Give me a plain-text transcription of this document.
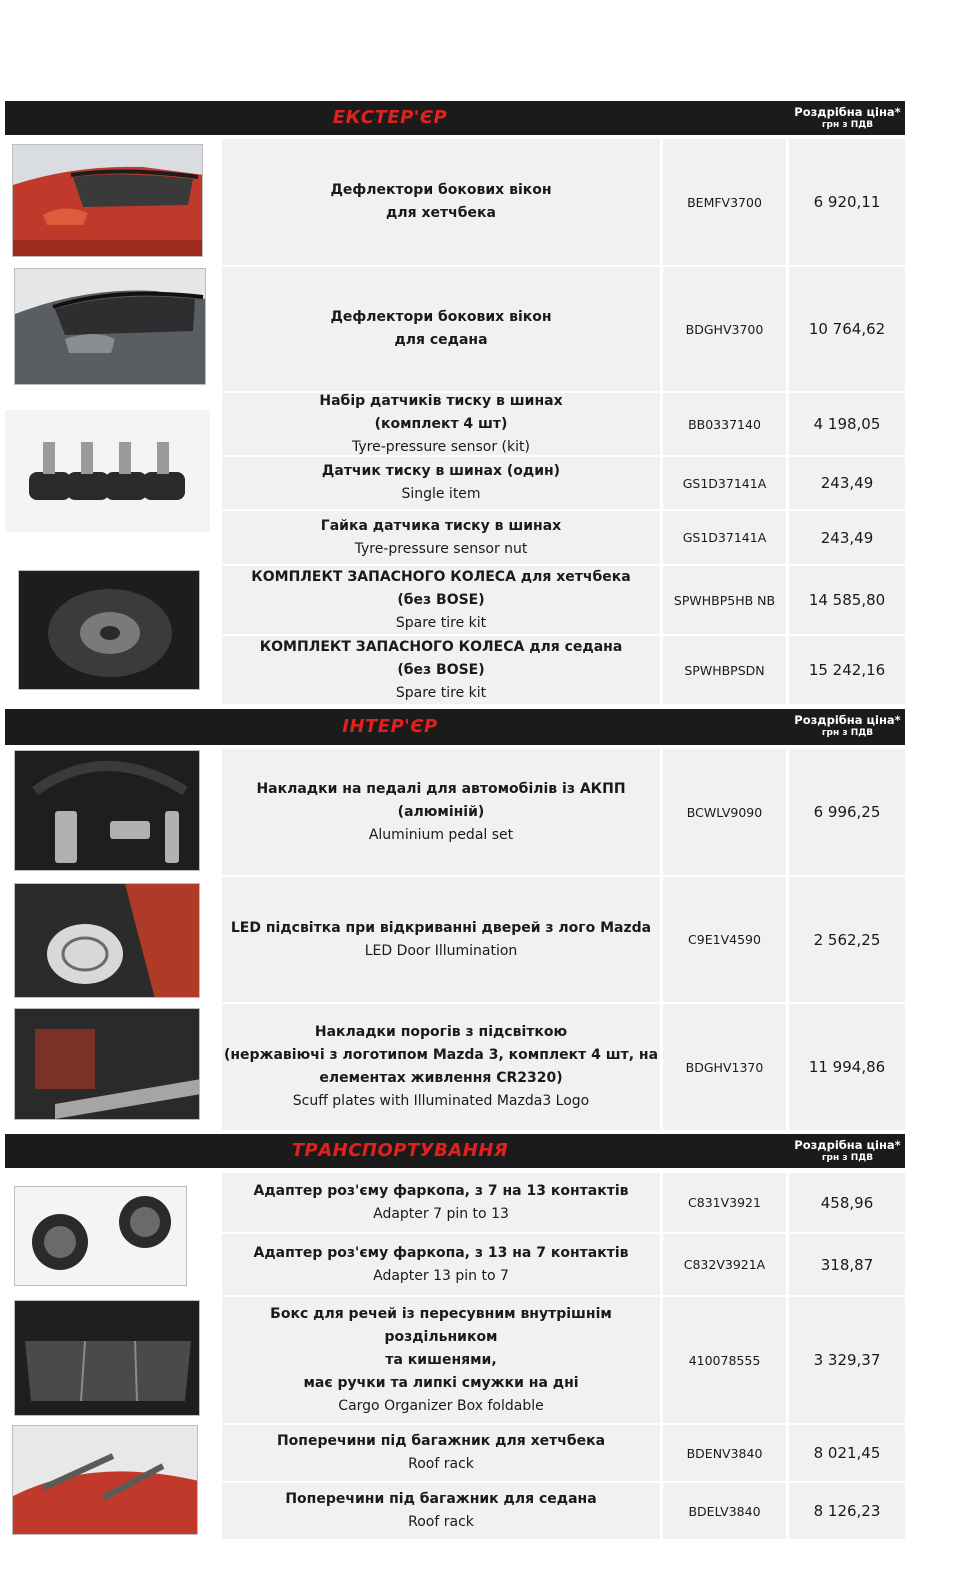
ЕКСТЕР'ЄР	Роздрібна ціна*
грн з ПДВ
ІНТЕР'ЄР	Роздрібна ціна*
грн з ПДВ
ТРАНСПОРТУВАННЯ	Роздрібна ціна*
грн з ПДВ
Дефлектори бокових вікон
для хетчбека
BEMFV3700	6 920,11
Дефлектори бокових вікон
для седана
BDGHV3700	10 764,62
Набір датчиків тиску в шинах
(комплект 4 шт)
Tyre-pressure sensor (kit)
BB0337140	4 198,05
Датчик тиску в шинах (один)
Single item
GS1D37141A	243,49
Гайка датчика тиску в шинах
Tyre-pressure sensor nut
GS1D37141A	243,49
КОМПЛЕКТ ЗАПАСНОГО КОЛЕСА для хетчбека
(без BOSE)
Spare tire kit
SPWHBP5HB NB	14 585,80
КОМПЛЕКТ ЗАПАСНОГО КОЛЕСА для седана
(без BOSE)
Spare tire kit
SPWHBPSDN	15 242,16
Накладки на педалі для автомобілів із АКПП (алюміній)
Aluminium pedal set
BCWLV9090	6 996,25
LED підсвітка при відкриванні дверей з лого Mazda
LED Door Illumination
C9E1V4590	2 562,25
Накладки порогів з підсвіткою
(нержавіючі з логотипом Mazda 3, комплект 4 шт, на
елементах живлення CR2320)
Scuff plates with Illuminated Mazda3 Logo
BDGHV1370	11 994,86
Адаптер роз'єму фаркопа, з 7 на 13 контактів
Adapter 7 pin to 13
C831V3921	458,96
Адаптер роз'єму фаркопа, з 13 на 7 контактів
Adapter 13 pin to 7
C832V3921A	318,87
Бокс для речей із пересувним внутрішнім роздільником
та кишенями,
має ручки та липкі смужки на дні
Cargo Organizer Box foldable
410078555	3 329,37
Поперечини під багажник для хетчбека
Roof rack
BDENV3840	8 021,45
Поперечини під багажник для седана
Roof rack
BDELV3840	8 126,23
